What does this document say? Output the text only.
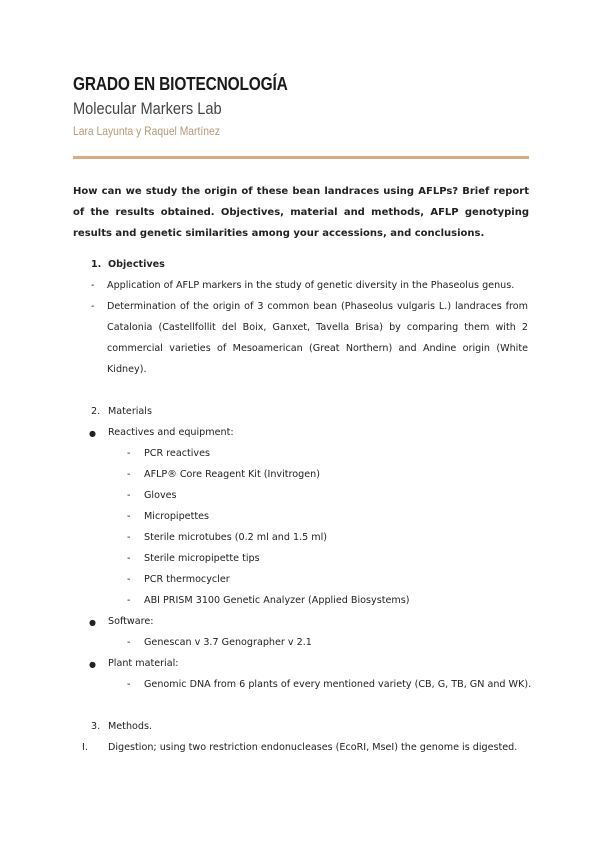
GRADO EN BIOTECNOLOGÍA
Molecular Markers Lab
Lara Layunta y Raquel Martínez
How can we study the origin of these bean landraces using AFLPs? Brief report of the results obtained. Objectives, material and methods, AFLP genotyping results and genetic similarities among your accessions, and conclusions.
1. Objectives
- Application of AFLP markers in the study of genetic diversity in the Phaseolus genus.
- Determination of the origin of 3 common bean (Phaseolus vulgaris L.) landraces from Catalonia (Castellfollit del Boix, Ganxet, Tavella Brisa) by comparing them with 2 commercial varieties of Mesoamerican (Great Northern) and Andine origin (White Kidney).
2. Materials
● Reactives and equipment:
- PCR reactives
- AFLP® Core Reagent Kit (Invitrogen)
- Gloves
- Micropipettes
- Sterile microtubes (0.2 ml and 1.5 ml)
- Sterile micropipette tips
- PCR thermocycler
- ABI PRISM 3100 Genetic Analyzer (Applied Biosystems)
● Software:
- Genescan v 3.7 Genographer v 2.1
● Plant material:
- Genomic DNA from 6 plants of every mentioned variety (CB, G, TB, GN and WK).
3. Methods.
I. Digestion; using two restriction endonucleases (EcoRI, MseI) the genome is digested.
